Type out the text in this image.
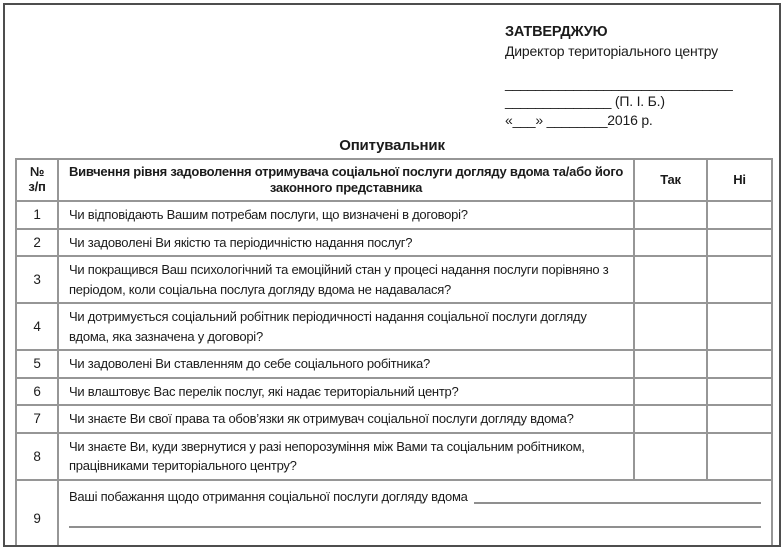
ЗАТВЕРДЖУЮ
Директор територіального центру
______________________________
______________ (П. І. Б.)
«___» ________2016 р.
Опитувальник
№
з/п	Вивчення рівня задоволення отримувача соціальної послуги догляду вдома та/або його законного представника	Так	Ні
1	Чи відповідають Вашим потребам послуги, що визначені в договорі?		
2	Чи задоволені Ви якістю та періодичністю надання послуг?		
3	Чи покращився Ваш психологічний та емоційний стан у процесі надання послуги порівняно з періодом, коли соціальна послуга догляду вдома не надавалася?		
4	Чи дотримується соціальний робітник періодичності надання соціальної послуги догляду вдома, яка зазначена у договорі?		
5	Чи задоволені Ви ставленням до себе соціального робітника?		
6	Чи влаштовує Вас перелік послуг, які надає територіальний центр?		
7	Чи знаєте Ви свої права та обов’язки як отримувач соціальної послуги догляду вдома?		
8	Чи знаєте Ви, куди звернутися у разі непорозуміння між Вами та соціальним робітником, працівниками територіального центру?		
9	Ваші побажання щодо отримання соціальної послуги догляду вдома		
